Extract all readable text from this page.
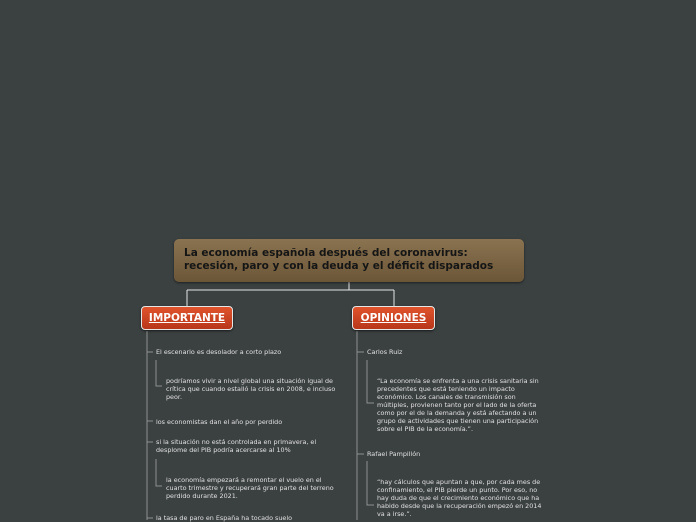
La economía española después del coronavirus:
recesión, paro y con la deuda y el déficit disparados
IMPORTANTE	OPINIONES
El escenario es desolador a corto plazo
podríamos vivir a nivel global una situación igual de
crítica que cuando estalló la crisis en 2008, e incluso
peor.
los economistas dan el año por perdido
si la situación no está controlada en primavera, el
desplome del PIB podría acercarse al 10%
la economía empezará a remontar el vuelo en el
cuarto trimestre y recuperará gran parte del terreno
perdido durante 2021.
la tasa de paro en España ha tocado suelo
Carlos Ruiz
“La economía se enfrenta a una crisis sanitaria sin
precedentes que está teniendo un impacto
económico. Los canales de transmisión son
múltiples, provienen tanto por el lado de la oferta
como por el de la demanda y está afectando a un
grupo de actividades que tienen una participación
sobre el PIB de la economía.”.
Rafael Pampillón
“hay cálculos que apuntan a que, por cada mes de
confinamiento, el PIB pierde un punto. Por eso, no
hay duda de que el crecimiento económico que ha
habido desde que la recuperación empezó en 2014
va a irse.”.
